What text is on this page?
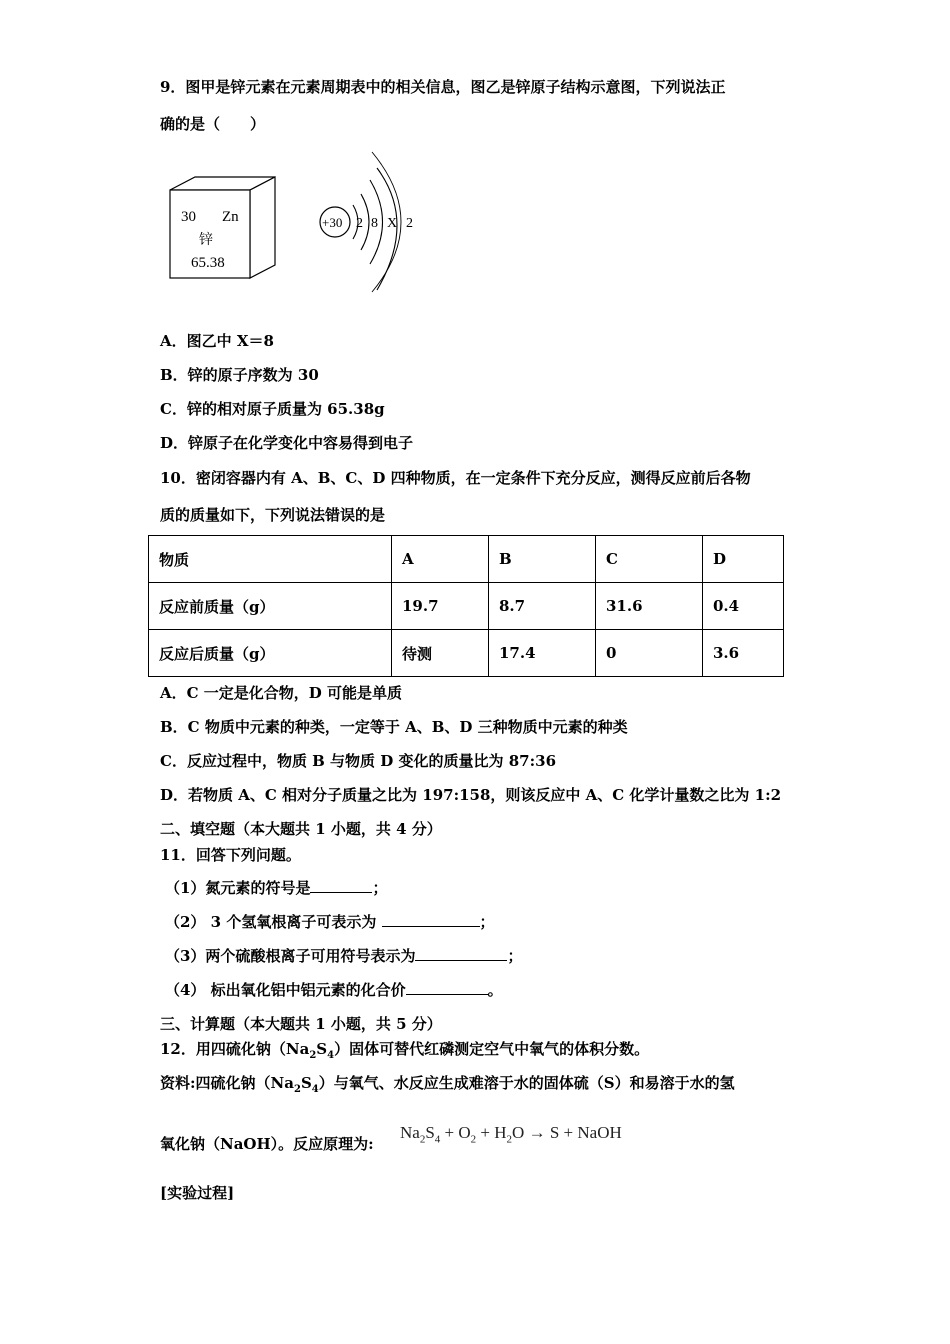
9．图甲是锌元素在元素周期表中的相关信息，图乙是锌原子结构示意图，下列说法正
确的是（　　）
30 Zn
锌
65.38
+30 2 8 X 2
A．图乙中 X＝8
B．锌的原子序数为 30
C．锌的相对原子质量为 65.38g
D．锌原子在化学变化中容易得到电子
10．密闭容器内有 A、B、C、D 四种物质，在一定条件下充分反应，测得反应前后各物
质的质量如下，下列说法错误的是
物质	A	B	C	D
反应前质量（g）	19.7	8.7	31.6	0.4
反应后质量（g）	待测	17.4	0	3.6
A．C 一定是化合物，D 可能是单质
B．C 物质中元素的种类，一定等于 A、B、D 三种物质中元素的种类
C．反应过程中，物质 B 与物质 D 变化的质量比为 87:36
D．若物质 A、C 相对分子质量之比为 197:158，则该反应中 A、C 化学计量数之比为 1:2
二、填空题（本大题共 1 小题，共 4 分）
11．回答下列问题。
（1）氮元素的符号是	；
（2） 3 个氢氧根离子可表示为	；
（3）两个硫酸根离子可用符号表示为	；
（4） 标出氧化铝中铝元素的化合价	。
三、计算题（本大题共 1 小题，共 5 分）
12．用四硫化钠$(Na_2S_4)$固体可替代红磷测定空气中氧气的体积分数。
资料:四硫化钠$(Na_2S_4)$与氧气、水反应生成难溶于水的固体硫（S）和易溶于水的氢
氧化钠（NaOH）。反应原理为:
$Na_2S_4 + O_2 + H_2O \to S$ + NaOH
[实验过程]
